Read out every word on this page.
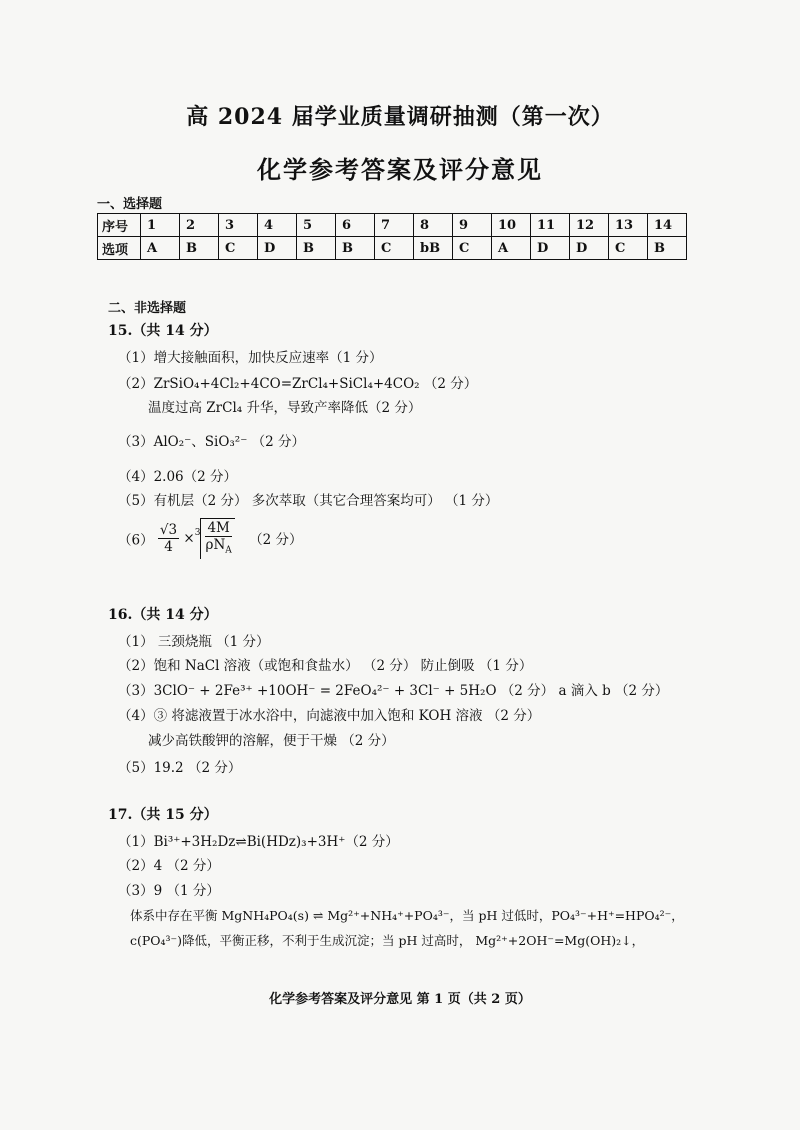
高 2024 届学业质量调研抽测（第一次）
化学参考答案及评分意见
一、选择题
序号	1	2	3	4	5	6	7	8	9	10	11	12	13	14
选项	A	B	C	D	B	B	C	bB	C	A	D	D	C	B
二、非选择题
15.（共 14 分）
（1）增大接触面积，加快反应速率（1 分）
（2）ZrSiO₄+4Cl₂+4CO=ZrCl₄+SiCl₄+4CO₂ （2 分）
温度过高 ZrCl₄ 升华，导致产率降低（2 分）
（3）AlO₂⁻、SiO₃²⁻ （2 分）
（4）2.06（2 分）
（5）有机层（2 分） 多次萃取（其它合理答案均可） （1 分）
$(6) \frac{√3}{4} \times^3 \frac{4M}{\rho N_A} (2$ 分）
16.（共 14 分）
（1） 三颈烧瓶 （1 分）
（2）饱和 NaCl 溶液（或饱和食盐水） （2 分） 防止倒吸 （1 分）
（3）3ClO⁻ + 2Fe³⁺ +10OH⁻ = 2FeO₄²⁻ + 3Cl⁻ + 5H₂O （2 分） a 滴入 b （2 分）
（4）③ 将滤液置于冰水浴中，向滤液中加入饱和 KOH 溶液 （2 分）
减少高铁酸钾的溶解，便于干燥 （2 分）
（5）19.2 （2 分）
17.（共 15 分）
（1）Bi³⁺+3H₂Dz⇌Bi(HDz)₃+3H⁺（2 分）
（2）4 （2 分）
（3）9 （1 分）
体系中存在平衡 MgNH₄PO₄(s) ⇌ Mg²⁺+NH₄⁺+PO₄³⁻，当 pH 过低时，PO₄³⁻+H⁺=HPO₄²⁻，
c(PO₄³⁻)降低，平衡正移，不利于生成沉淀；当 pH 过高时， Mg²⁺+2OH⁻=Mg(OH)₂↓，
化学参考答案及评分意见 第 1 页（共 2 页）
